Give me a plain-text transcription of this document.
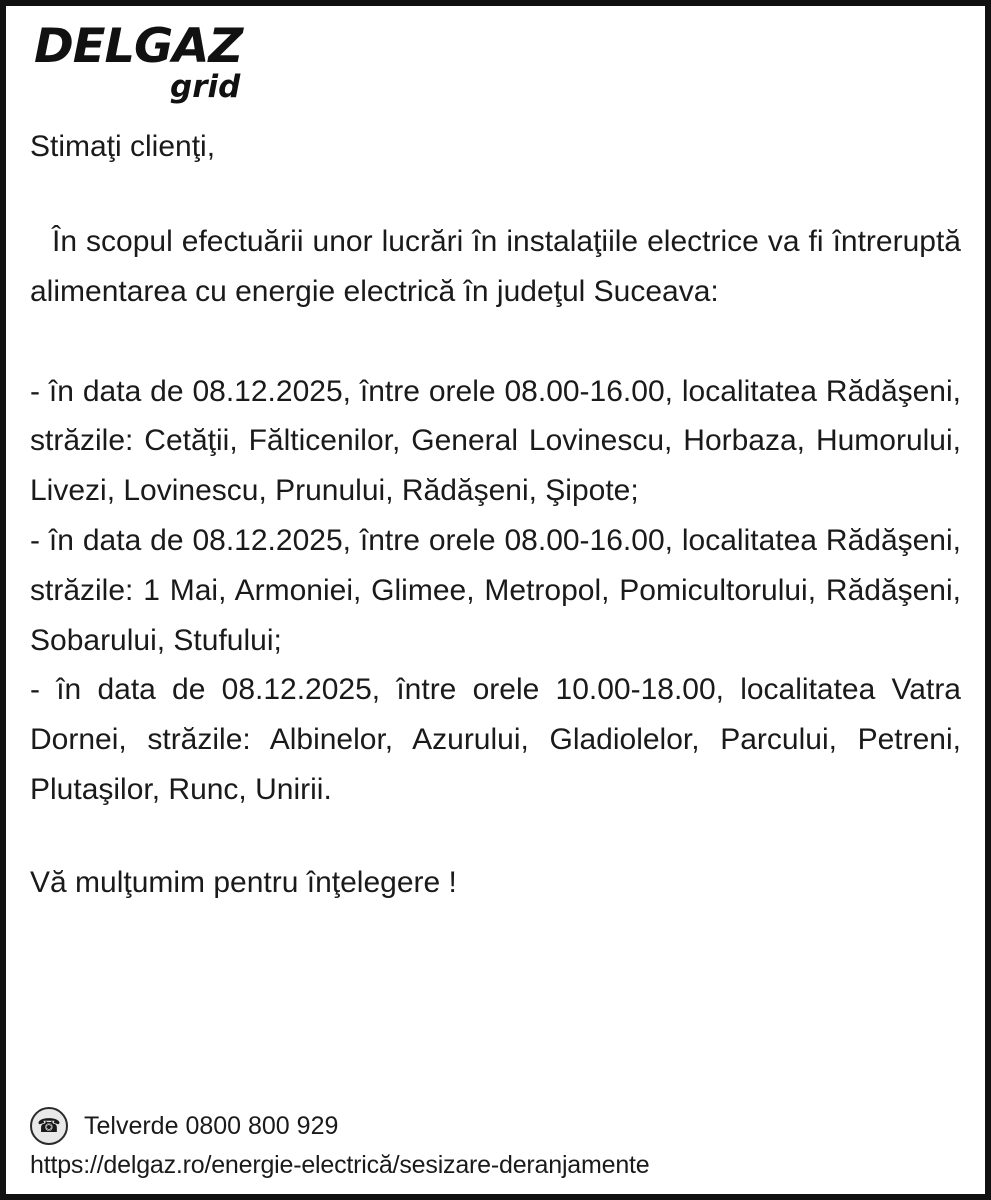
DELGAZ
grid
Stimaţi clienţi,
În scopul efectuării unor lucrări în instalaţiile electrice va fi întreruptă alimentarea cu energie electrică în judeţul Suceava:
- în data de 08.12.2025, între orele 08.00-16.00, localitatea Rădăşeni, străzile: Cetăţii, Fălticenilor, General Lovinescu, Horbaza, Humorului, Livezi, Lovinescu, Prunului, Rădăşeni, Şipote;
- în data de 08.12.2025, între orele 08.00-16.00, localitatea Rădăşeni, străzile: 1 Mai, Armoniei, Glimee, Metropol, Pomicultorului, Rădăşeni, Sobarului, Stufului;
- în data de 08.12.2025, între orele 10.00-18.00, localitatea Vatra Dornei, străzile: Albinelor, Azurului, Gladiolelor, Parcului, Petreni, Plutaşilor, Runc, Unirii.
Vă mulţumim pentru înţelegere !
☎ Telverde 0800 800 929
https://delgaz.ro/energie-electrică/sesizare-deranjamente
